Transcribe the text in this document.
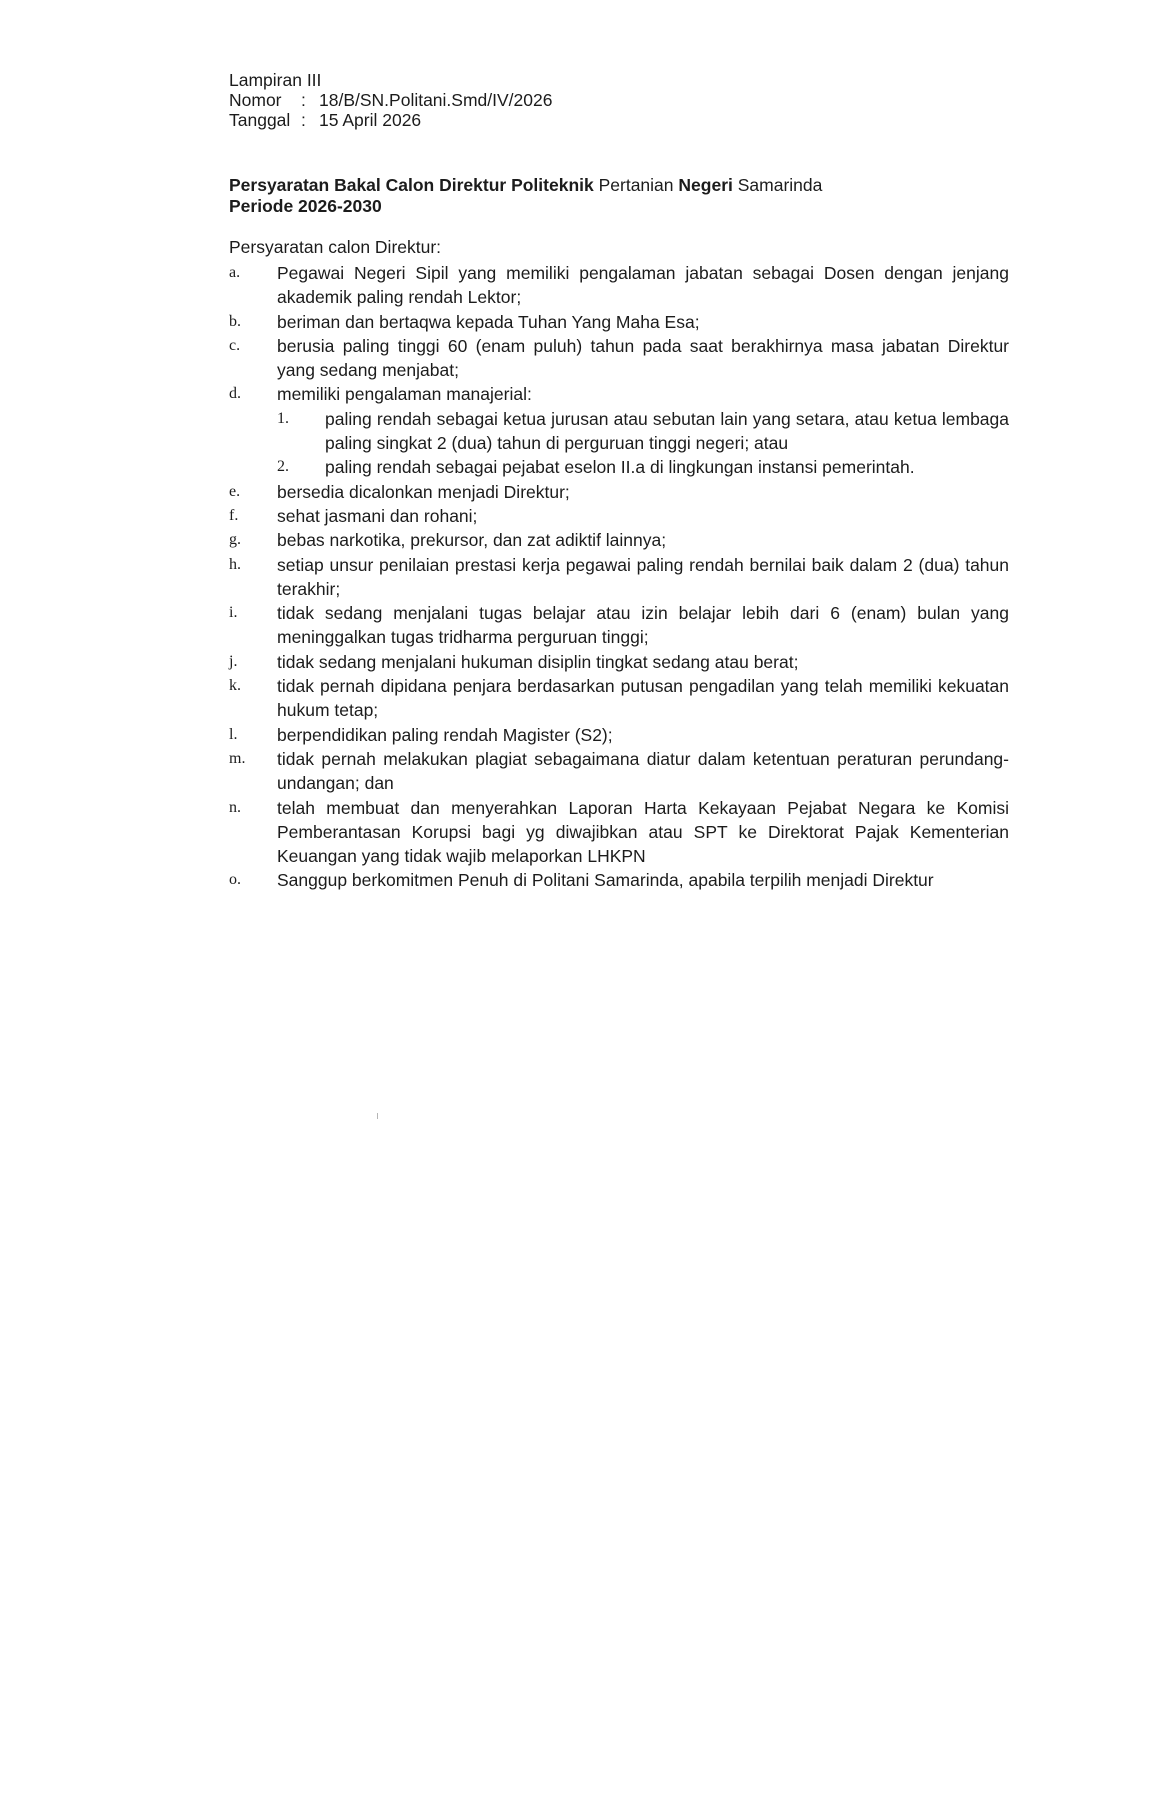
Lampiran III
Nomor : 18/B/SN.Politani.Smd/IV/2026
Tanggal : 15 April 2026
Persyaratan Bakal Calon Direktur Politeknik Pertanian Negeri Samarinda
Periode 2026-2030
Persyaratan calon Direktur:
a.	Pegawai Negeri Sipil yang memiliki pengalaman jabatan sebagai Dosen dengan jenjang akademik paling rendah Lektor;
b.	beriman dan bertaqwa kepada Tuhan Yang Maha Esa;
c.	berusia paling tinggi 60 (enam puluh) tahun pada saat berakhirnya masa jabatan Direktur yang sedang menjabat;
d.	memiliki pengalaman manajerial:
1.	paling rendah sebagai ketua jurusan atau sebutan lain yang setara, atau ketua lembaga paling singkat 2 (dua) tahun di perguruan tinggi negeri; atau
2.	paling rendah sebagai pejabat eselon II.a di lingkungan instansi pemerintah.
e.	bersedia dicalonkan menjadi Direktur;
f.	sehat jasmani dan rohani;
g.	bebas narkotika, prekursor, dan zat adiktif lainnya;
h.	setiap unsur penilaian prestasi kerja pegawai paling rendah bernilai baik dalam 2 (dua) tahun terakhir;
i.	tidak sedang menjalani tugas belajar atau izin belajar lebih dari 6 (enam) bulan yang meninggalkan tugas tridharma perguruan tinggi;
j.	tidak sedang menjalani hukuman disiplin tingkat sedang atau berat;
k.	tidak pernah dipidana penjara berdasarkan putusan pengadilan yang telah memiliki kekuatan hukum tetap;
l.	berpendidikan paling rendah Magister (S2);
m.	tidak pernah melakukan plagiat sebagaimana diatur dalam ketentuan peraturan perundang-undangan; dan
n.	telah membuat dan menyerahkan Laporan Harta Kekayaan Pejabat Negara ke Komisi Pemberantasan Korupsi bagi yg diwajibkan atau SPT ke Direktorat Pajak Kementerian Keuangan yang tidak wajib melaporkan LHKPN
o.	Sanggup berkomitmen Penuh di Politani Samarinda, apabila terpilih menjadi Direktur
